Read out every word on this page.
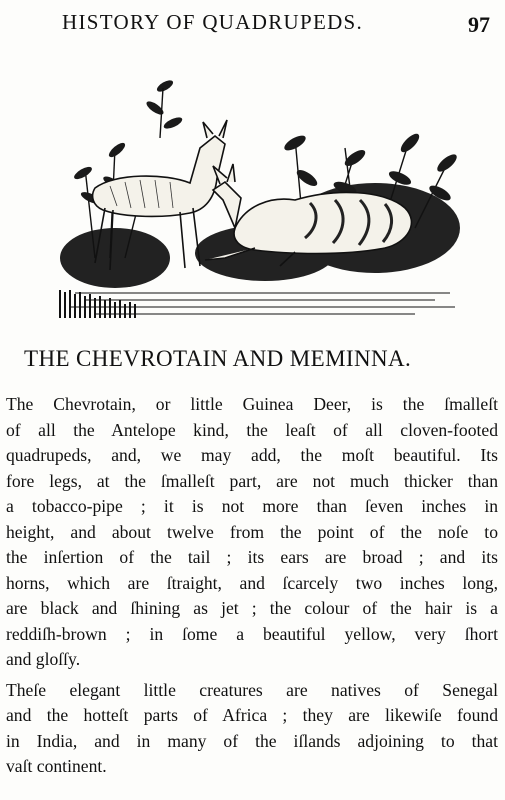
HISTORY OF QUADRUPEDS.	97
THE CHEVROTAIN AND MEMINNA.
The Chevrotain, or little Guinea Deer, is the ſmalleſt
of all the Antelope kind, the leaſt of all cloven-footed
quadrupeds, and, we may add, the moſt beautiful. Its
fore legs, at the ſmalleſt part, are not much thicker than
a tobacco-pipe ; it is not more than ſeven inches in
height, and about twelve from the point of the noſe to
the inſertion of the tail ; its ears are broad ; and its
horns, which are ſtraight, and ſcarcely two inches long,
are black and ſhining as jet ; the colour of the hair is a
reddiſh-brown ; in ſome a beautiful yellow, very ſhort
and gloſſy.
Theſe elegant little creatures are natives of Senegal
and the hotteſt parts of Africa ; they are likewiſe found
in India, and in many of the iſlands adjoining to that
vaſt continent.
